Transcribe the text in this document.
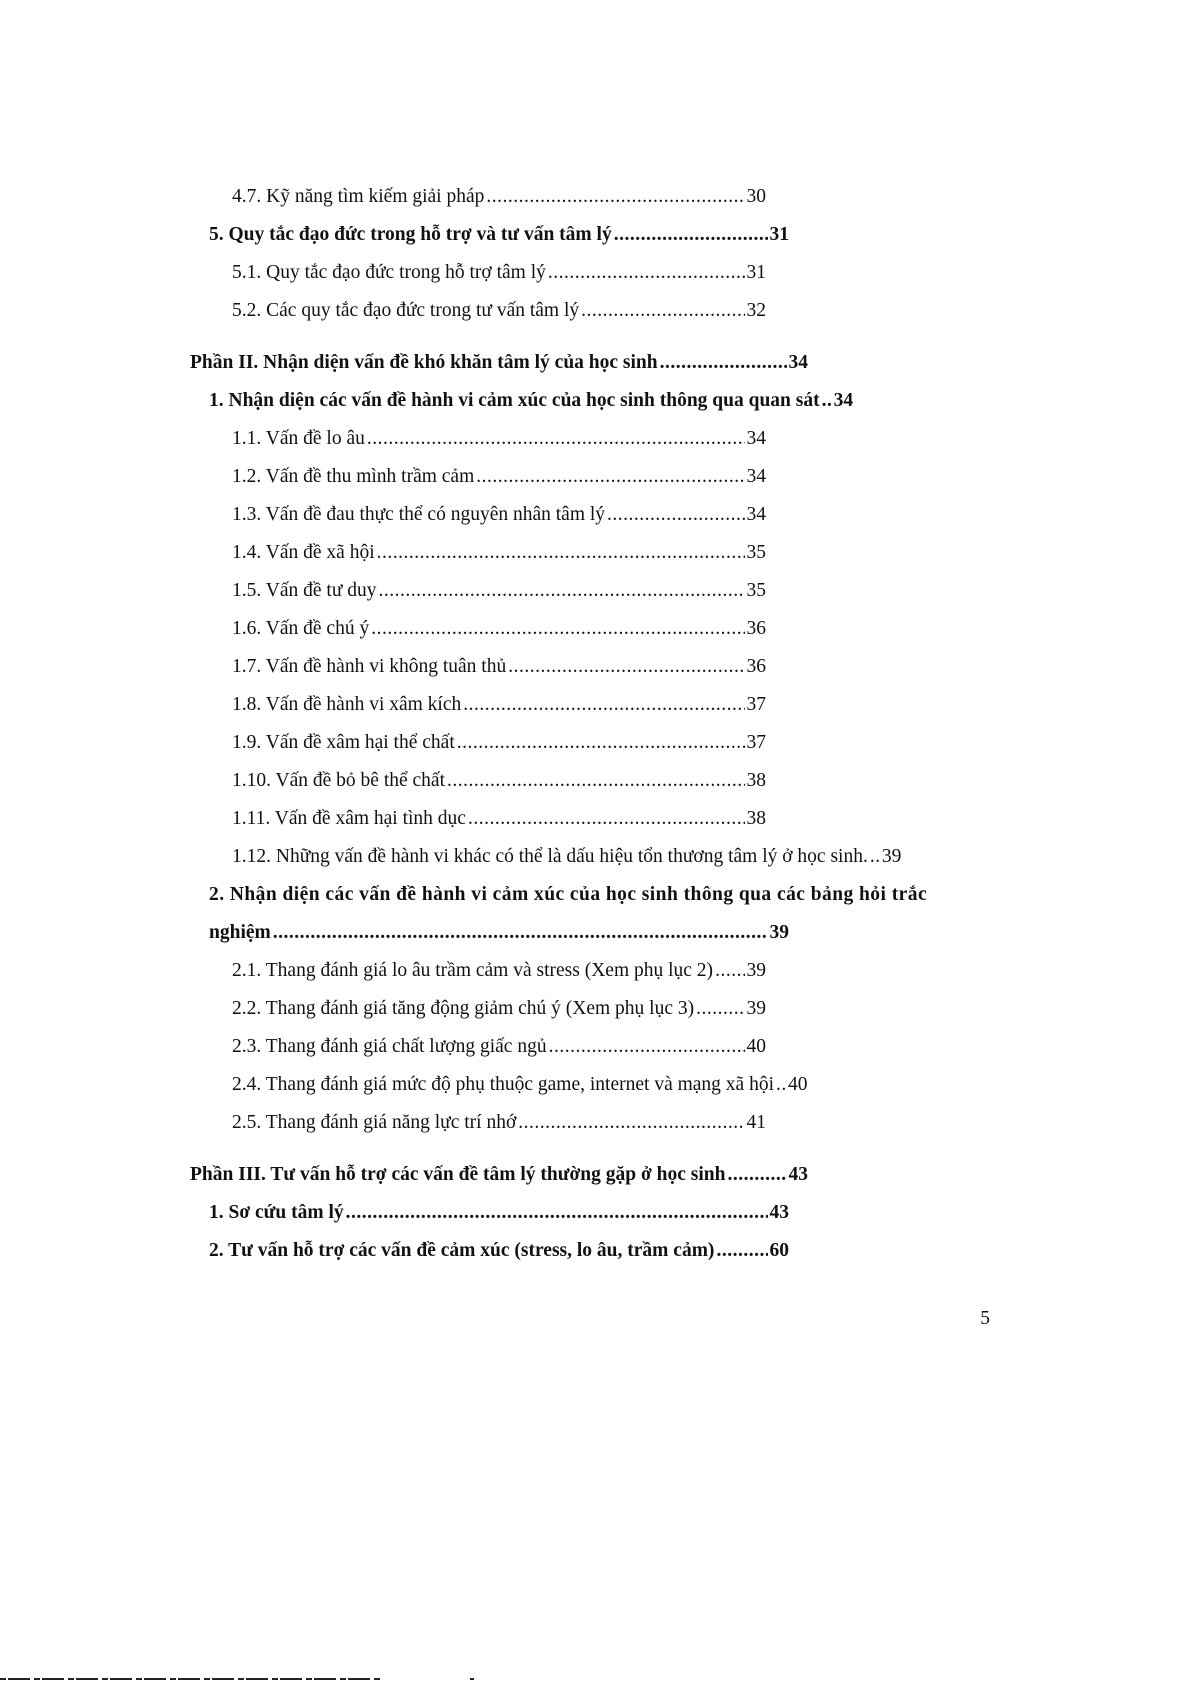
4.7. Kỹ năng tìm kiếm giải pháp .....	30
5. Quy tắc đạo đức trong hỗ trợ và tư vấn tâm lý .....	31
5.1. Quy tắc đạo đức trong hỗ trợ tâm lý .....	31
5.2. Các quy tắc đạo đức trong tư vấn tâm lý .....	32
Phần II. Nhận diện vấn đề khó khăn tâm lý của học sinh .....	34
1. Nhận diện các vấn đề hành vi cảm xúc của học sinh thông qua quan sát ..... 34
1.1. Vấn đề lo âu .....	34
1.2. Vấn đề thu mình trầm cảm .....	34
1.3. Vấn đề đau thực thể có nguyên nhân tâm lý .....	34
1.4. Vấn đề xã hội .....	35
1.5. Vấn đề tư duy .....	35
1.6. Vấn đề chú ý .....	36
1.7. Vấn đề hành vi không tuân thủ .....	36
1.8. Vấn đề hành vi xâm kích .....	37
1.9. Vấn đề xâm hại thể chất .....	37
1.10. Vấn đề bỏ bê thể chất .....	38
1.11. Vấn đề xâm hại tình dục .....	38
1.12. Những vấn đề hành vi khác có thể là dấu hiệu tổn thương tâm lý ở học sinh. ..... 39
2. Nhận diện các vấn đề hành vi cảm xúc của học sinh thông qua các bảng hỏi trắc
nghiệm .....	39
2.1. Thang đánh giá lo âu trầm cảm và stress (Xem phụ lục 2) ..... 39
2.2. Thang đánh giá tăng động giảm chú ý (Xem phụ lục 3) .....	39
2.3. Thang đánh giá chất lượng giấc ngủ .....	40
2.4. Thang đánh giá mức độ phụ thuộc game, internet và mạng xã hội ..... 40
2.5. Thang đánh giá năng lực trí nhớ .....	41
Phần III. Tư vấn hỗ trợ các vấn đề tâm lý thường gặp ở học sinh .....	43
1. Sơ cứu tâm lý .....	43
2. Tư vấn hỗ trợ các vấn đề cảm xúc (stress, lo âu, trầm cảm) .....	60
5
